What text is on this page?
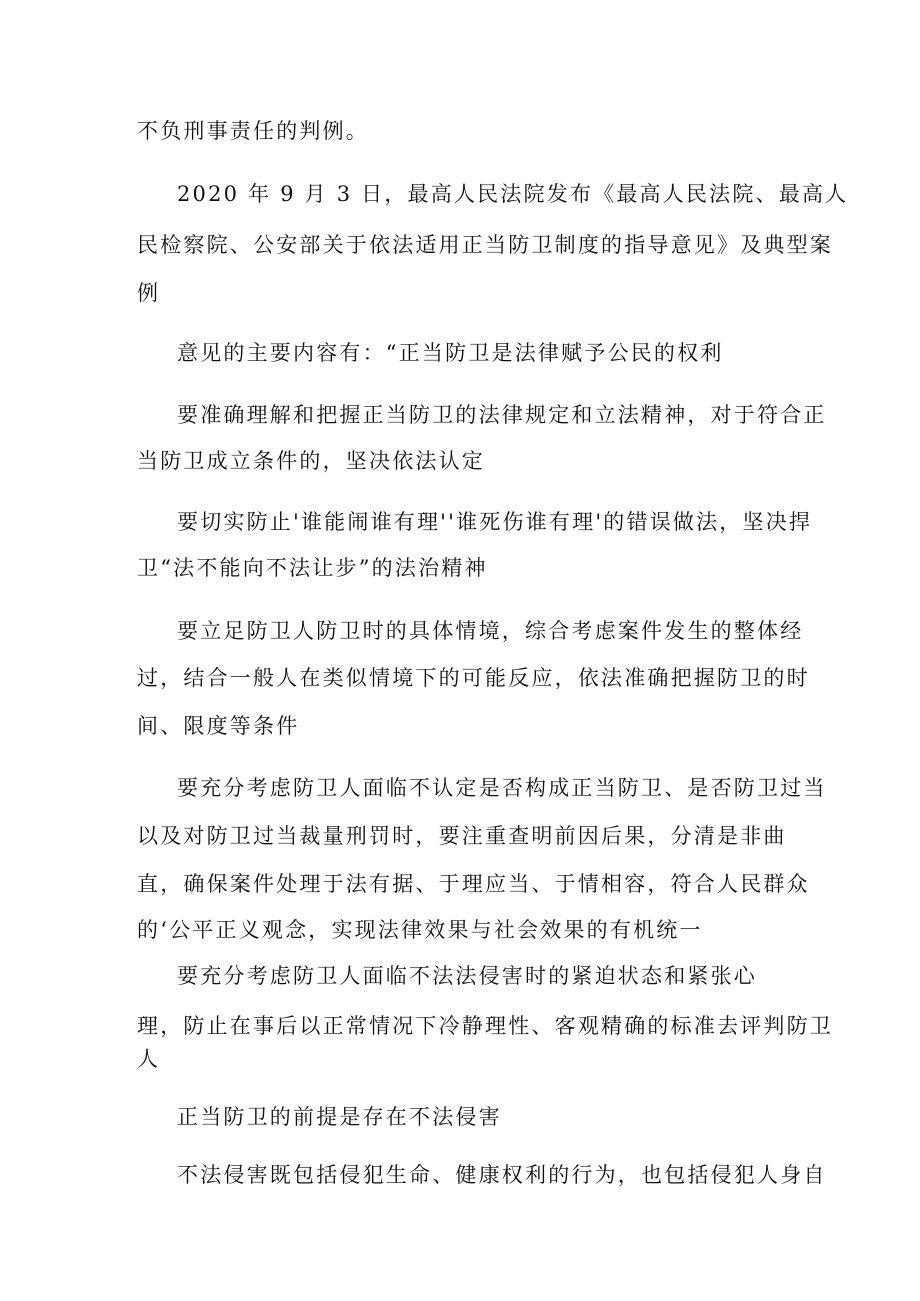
不负刑事责任的判例。
2020 年 9 月 3 日，最高人民法院发布《最高人民法院、最高人
民检察院、公安部关于依法适用正当防卫制度的指导意见》及典型案
例
意见的主要内容有：“正当防卫是法律赋予公民的权利
要准确理解和把握正当防卫的法律规定和立法精神，对于符合正
当防卫成立条件的，坚决依法认定
要切实防止'谁能闹谁有理''谁死伤谁有理'的错误做法，坚决捍
卫“法不能向不法让步”的法治精神
要立足防卫人防卫时的具体情境，综合考虑案件发生的整体经
过，结合一般人在类似情境下的可能反应，依法准确把握防卫的时
间、限度等条件
要充分考虑防卫人面临不认定是否构成正当防卫、是否防卫过当
以及对防卫过当裁量刑罚时，要注重查明前因后果，分清是非曲
直，确保案件处理于法有据、于理应当、于情相容，符合人民群众
的‘公平正义观念，实现法律效果与社会效果的有机统一
要充分考虑防卫人面临不法法侵害时的紧迫状态和紧张心
理，防止在事后以正常情况下冷静理性、客观精确的标准去评判防卫
人
正当防卫的前提是存在不法侵害
不法侵害既包括侵犯生命、健康权利的行为，也包括侵犯人身自
